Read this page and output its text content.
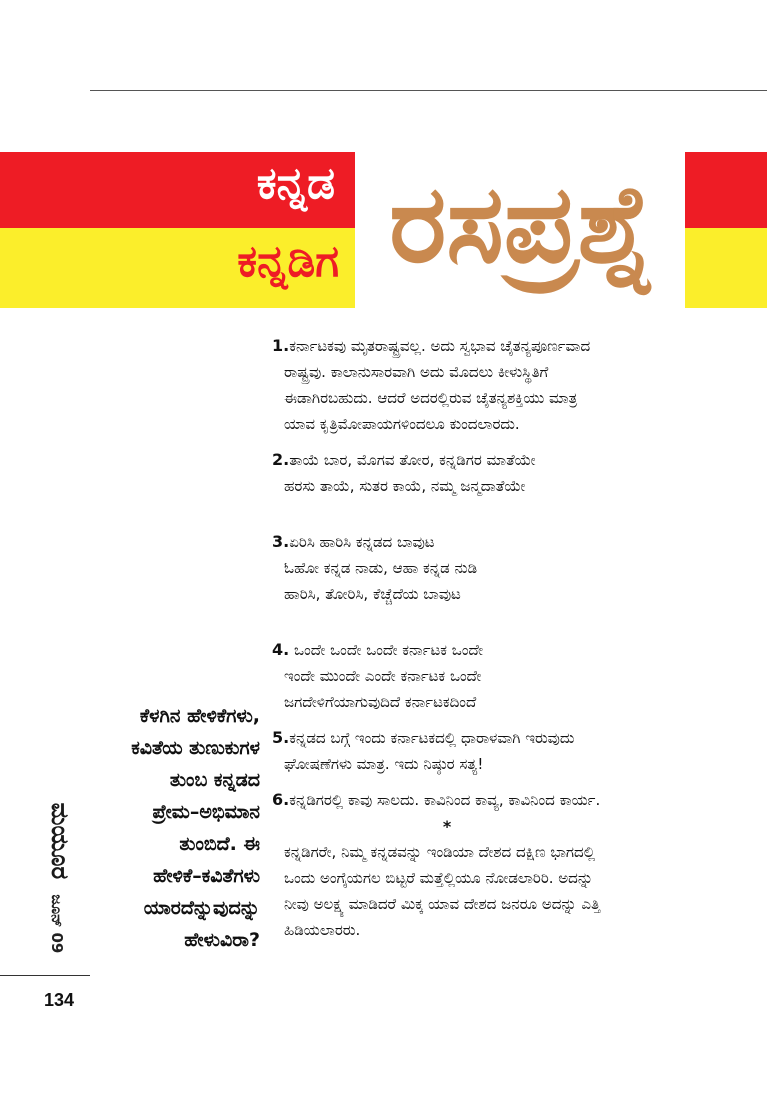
ಕನ್ನಡ
ಕನ್ನಡಿಗ ರಸಪ್ರಶ್ನೆ
1.ಕರ್ನಾಟಕವು ಮೃತರಾಷ್ಟ್ರವಲ್ಲ. ಅದು ಸ್ವಭಾವ ಚೈತನ್ಯಪೂರ್ಣವಾದ
ರಾಷ್ಟ್ರವು. ಕಾಲಾನುಸಾರವಾಗಿ ಅದು ಮೊದಲು ಕೀಳುಸ್ಥಿತಿಗೆ
ಈಡಾಗಿರಬಹುದು. ಆದರೆ ಅದರಲ್ಲಿರುವ ಚೈತನ್ಯಶಕ್ತಿಯು ಮಾತ್ರ
ಯಾವ ಕೃತ್ರಿಮೋಪಾಯಗಳಿಂದಲೂ ಕುಂದಲಾರದು.
2.ತಾಯೆ ಬಾರ, ಮೊಗವ ತೋರ, ಕನ್ನಡಿಗರ ಮಾತೆಯೇ
ಹರಸು ತಾಯೆ, ಸುತರ ಕಾಯೆ, ನಮ್ಮ ಜನ್ಮದಾತೆಯೇ
3.ಏರಿಸಿ ಹಾರಿಸಿ ಕನ್ನಡದ ಬಾವುಟ
ಓಹೋ ಕನ್ನಡ ನಾಡು, ಆಹಾ ಕನ್ನಡ ನುಡಿ
ಹಾರಿಸಿ, ತೋರಿಸಿ, ಕೆಚ್ಚೆದೆಯ ಬಾವುಟ
4. ಒಂದೇ ಒಂದೇ ಒಂದೇ ಕರ್ನಾಟಕ ಒಂದೇ
ಇಂದೇ ಮುಂದೇ ಎಂದೇ ಕರ್ನಾಟಕ ಒಂದೇ
ಜಗದೇಳಿಗೆಯಾಗುವುದಿದೆ ಕರ್ನಾಟಕದಿಂದೆ
5.ಕನ್ನಡದ ಬಗ್ಗೆ ಇಂದು ಕರ್ನಾಟಕದಲ್ಲಿ ಧಾರಾಳವಾಗಿ ಇರುವುದು
ಘೋಷಣೆಗಳು ಮಾತ್ರ. ಇದು ನಿಷ್ಠುರ ಸತ್ಯ!
6.ಕನ್ನಡಿಗರಲ್ಲಿ ಕಾವು ಸಾಲದು. ಕಾವಿನಿಂದ ಕಾವ್ಯ, ಕಾವಿನಿಂದ ಕಾರ್ಯ.
*
ಕನ್ನಡಿಗರೇ, ನಿಮ್ಮ ಕನ್ನಡವನ್ನು ಇಂಡಿಯಾ ದೇಶದ ದಕ್ಷಿಣ ಭಾಗದಲ್ಲಿ
ಒಂದು ಅಂಗೈಯಗಲ ಬಿಟ್ಟರೆ ಮತ್ತೆಲ್ಲಿಯೂ ನೋಡಲಾರಿರಿ. ಅದನ್ನು
ನೀವು ಅಲಕ್ಷ್ಯ ಮಾಡಿದರೆ ಮಿಕ್ಕ ಯಾವ ದೇಶದ ಜನರೂ ಅದನ್ನು ಎತ್ತಿ
ಹಿಡಿಯಲಾರರು.
ಕೆಳಗಿನ ಹೇಳಿಕೆಗಳು,
ಕವಿತೆಯ ತುಣುಕುಗಳ
ತುಂಬ ಕನ್ನಡದ
ಪ್ರೇಮ–ಅಭಿಮಾನ
ತುಂಬಿದೆ. ಈ
ಹೇಳಿಕೆ–ಕವಿತೆಗಳು
ಯಾರದೆನ್ನುವುದನ್ನು
ಹೇಳುವಿರಾ?
ಮಯೂರ ಜೂನ್ 09
134
